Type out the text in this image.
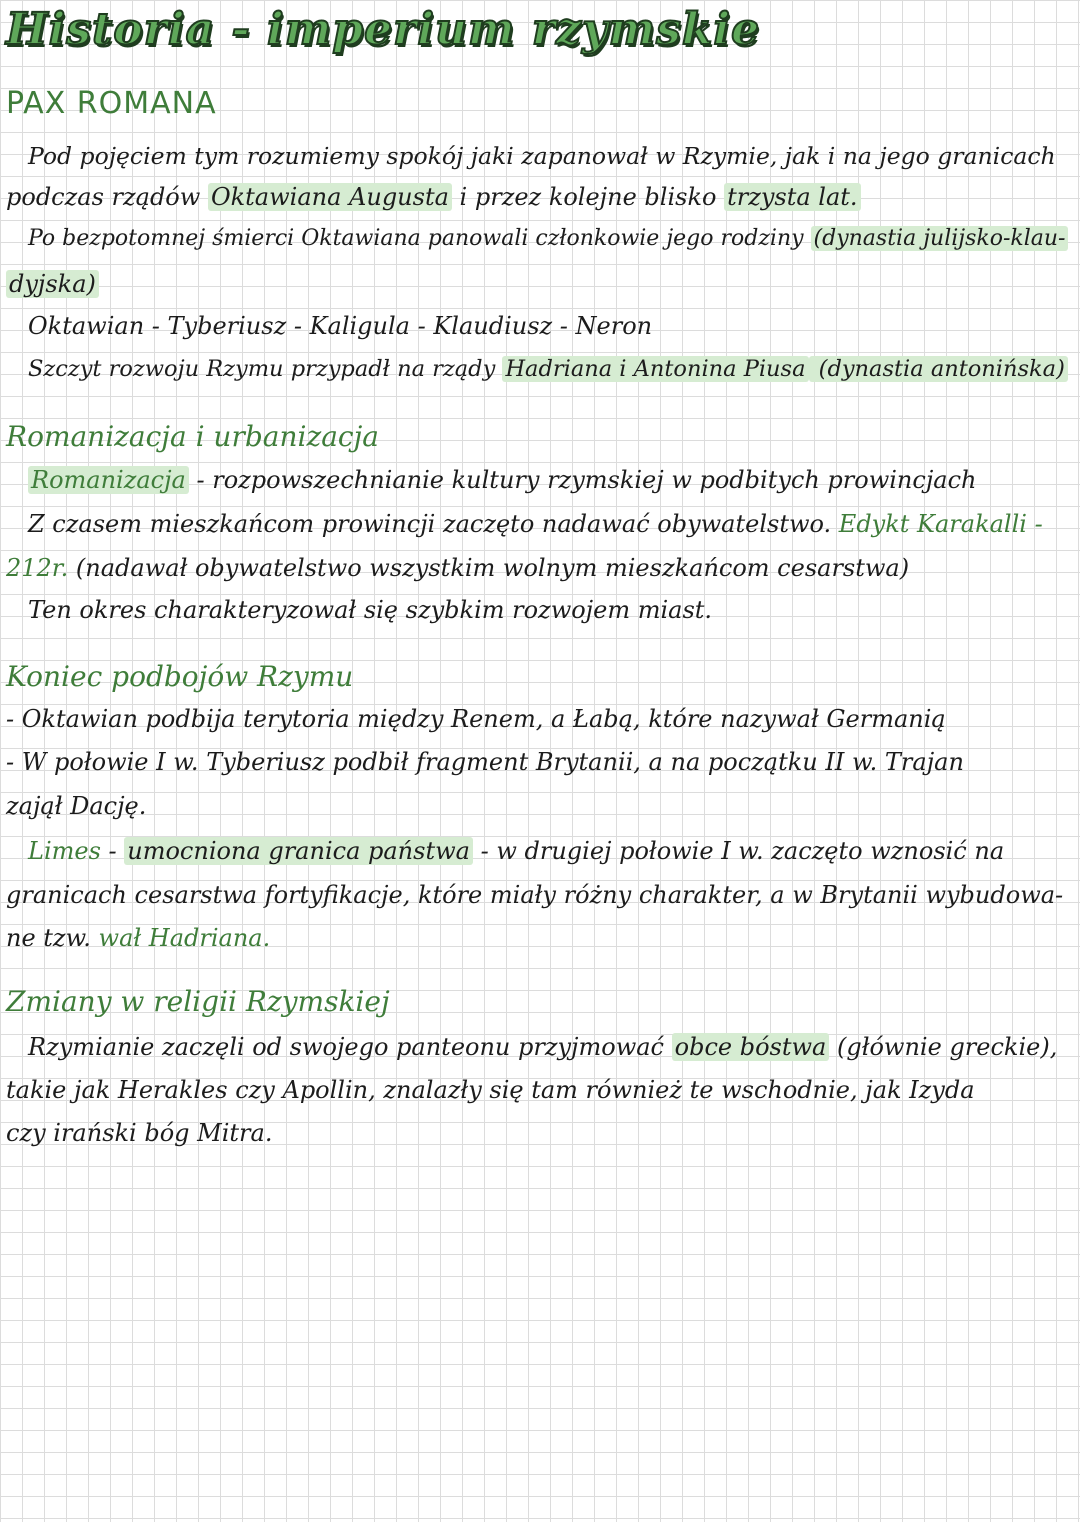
Historia - imperium rzymskie
PAX ROMANA
Pod pojęciem tym rozumiemy spokój jaki zapanował w Rzymie, jak i na jego granicach
podczas rządów Oktawiana Augusta i przez kolejne blisko trzysta lat.
Po bezpotomnej śmierci Oktawiana panowali członkowie jego rodziny (dynastia julijsko-klau-
dyjska)
Oktawian - Tyberiusz - Kaligula - Klaudiusz - Neron
Szczyt rozwoju Rzymu przypadł na rządy Hadriana i Antonina Piusa (dynastia antonińska)
Romanizacja i urbanizacja
Romanizacja - rozpowszechnianie kultury rzymskiej w podbitych prowincjach
Z czasem mieszkańcom prowincji zaczęto nadawać obywatelstwo. Edykt Karakalli -
212r. (nadawał obywatelstwo wszystkim wolnym mieszkańcom cesarstwa)
Ten okres charakteryzował się szybkim rozwojem miast.
Koniec podbojów Rzymu
- Oktawian podbija terytoria między Renem, a Łabą, które nazywał Germanią
- W połowie I w. Tyberiusz podbił fragment Brytanii, a na początku II w. Trajan
zajął Dację.
Limes - umocniona granica państwa - w drugiej połowie I w. zaczęto wznosić na
granicach cesarstwa fortyfikacje, które miały różny charakter, a w Brytanii wybudowa-
ne tzw. wał Hadriana.
Zmiany w religii Rzymskiej
Rzymianie zaczęli od swojego panteonu przyjmować obce bóstwa (głównie greckie),
takie jak Herakles czy Apollin, znalazły się tam również te wschodnie, jak Izyda
czy irański bóg Mitra.
